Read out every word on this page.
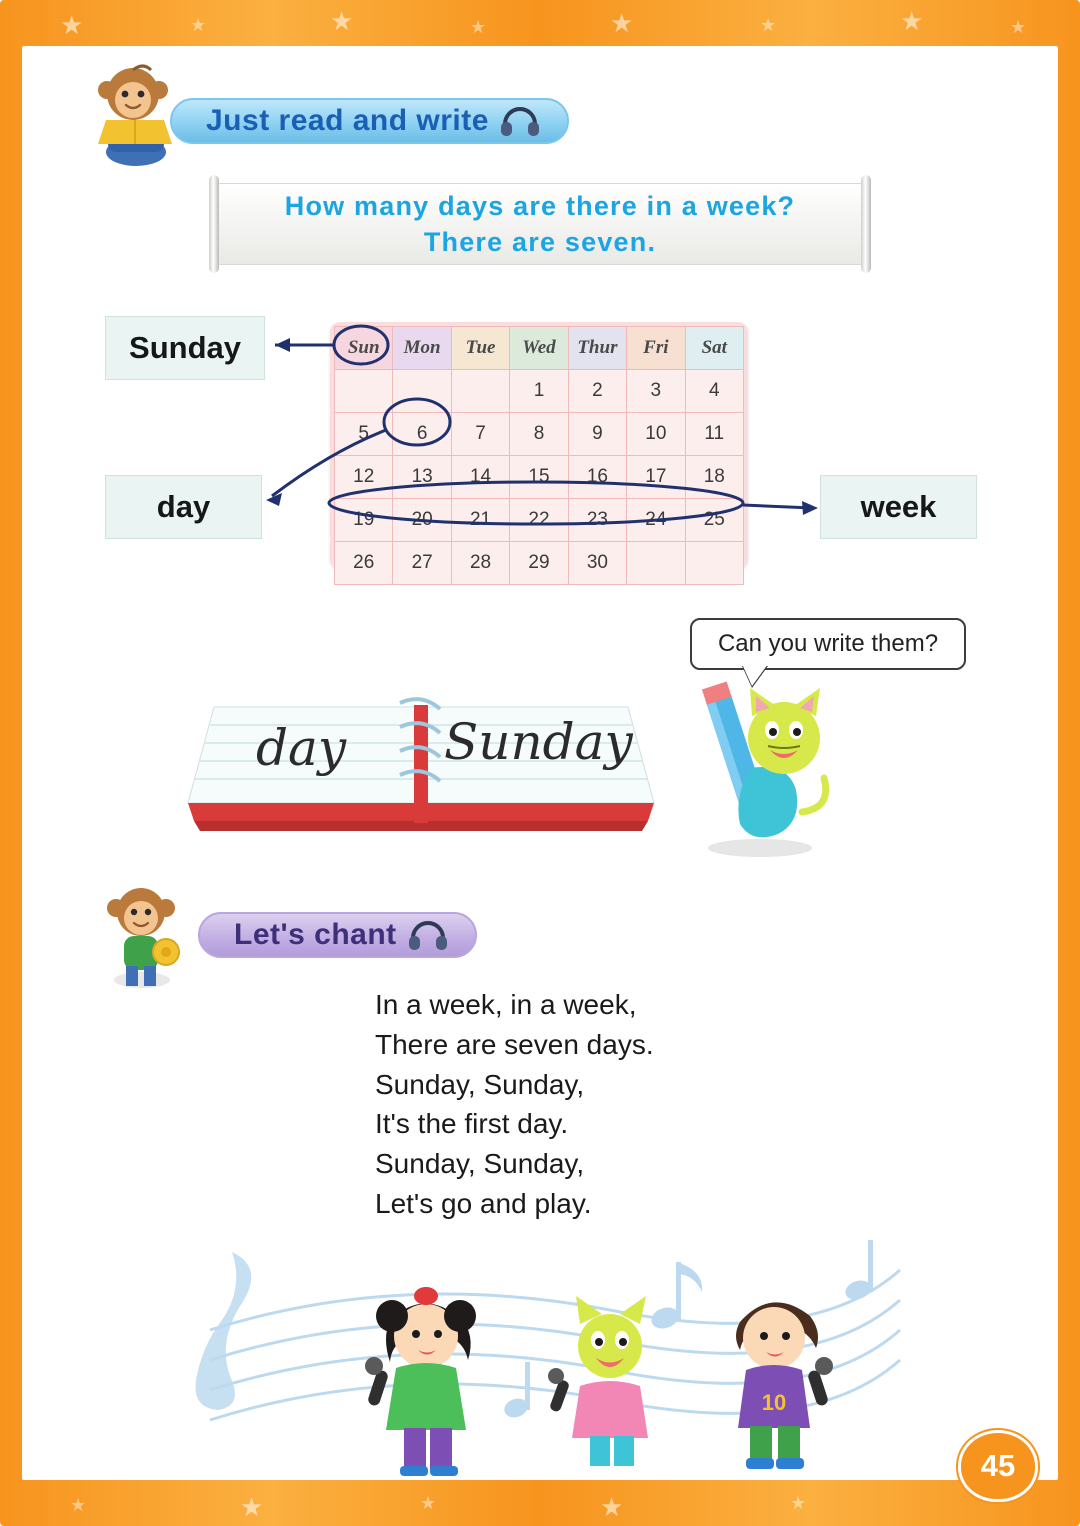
★	★	★	★	★	★	★	★
★	★	★	★	★
Just read and write
How many days are there in a week?
There are seven.
Sunday
day	week
Sun	Mon	Tue	Wed	Thur	Fri	Sat
			1	2	3	4
5	6	7	8	9	10	11
12	13	14	15	16	17	18
19	20	21	22	23	24	25
26	27	28	29	30		
Can you write them?
day Sunday
Let's chant
In a week, in a week,
There are seven days.
Sunday, Sunday,
It's the first day.
Sunday, Sunday,
Let's go and play.
10
45
